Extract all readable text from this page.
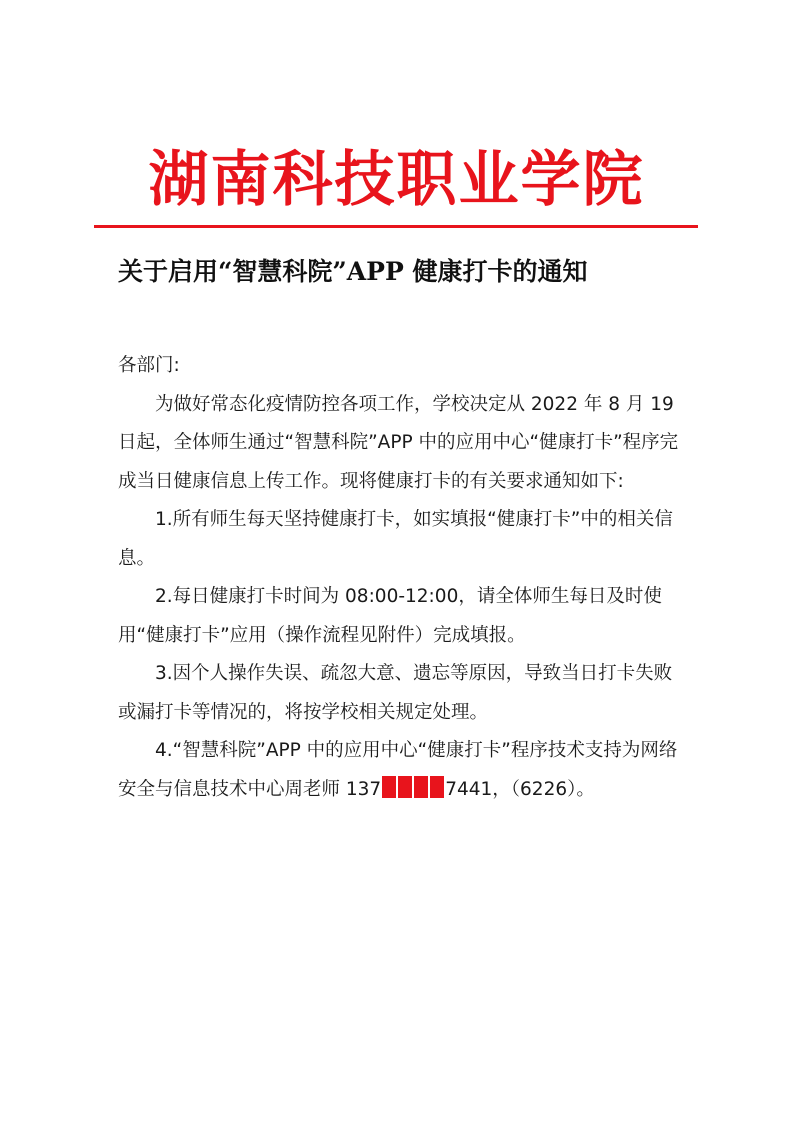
湖南科技职业学院
关于启用“智慧科院”APP 健康打卡的通知

各部门:

为做好常态化疫情防控各项工作，学校决定从 2022 年 8 月 19 日起，全体师生通过“智慧科院”APP 中的应用中心“健康打卡”程序完成当日健康信息上传工作。现将健康打卡的有关要求通知如下:

1.所有师生每天坚持健康打卡，如实填报“健康打卡”中的相关信息。

2.每日健康打卡时间为 08:00-12:00，请全体师生每日及时使用“健康打卡”应用（操作流程见附件）完成填报。

3.因个人操作失误、疏忽大意、遗忘等原因，导致当日打卡失败或漏打卡等情况的，将按学校相关规定处理。

4.“智慧科院”APP 中的应用中心“健康打卡”程序技术支持为网络安全与信息技术中心周老师 137	7441，（6226）。
